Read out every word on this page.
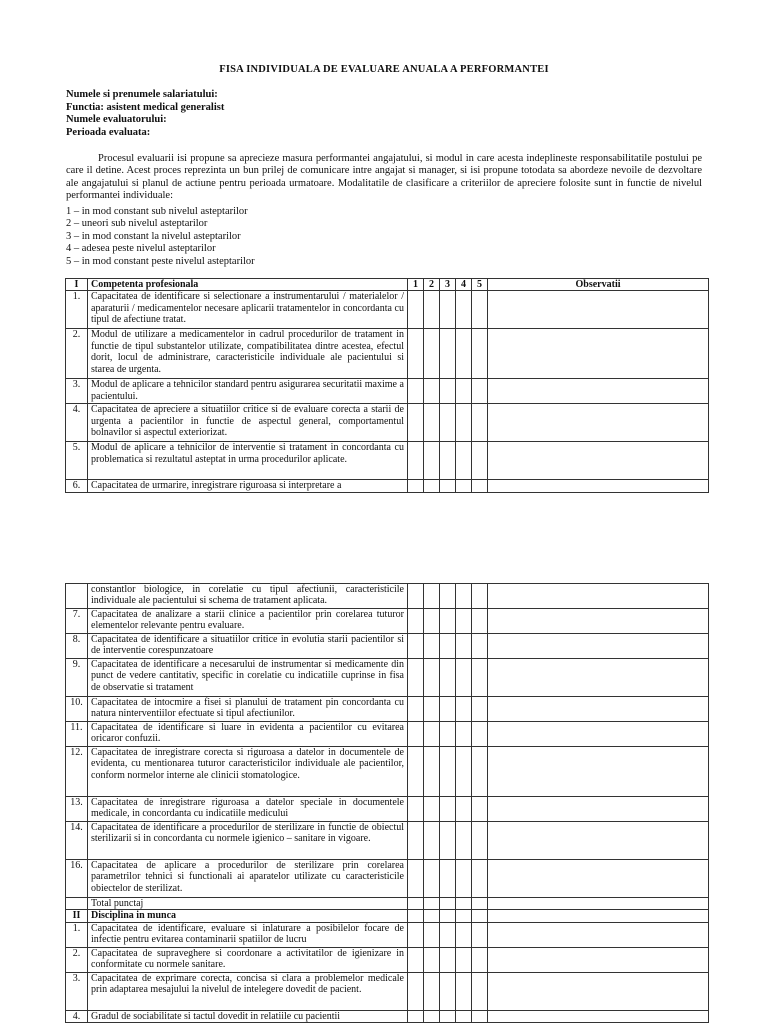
FISA INDIVIDUALA DE EVALUARE ANUALA A PERFORMANTEI
Numele si prenumele salariatului:
Functia: asistent medical generalist
Numele evaluatorului:
Perioada evaluata:
Procesul evaluarii isi propune sa aprecieze masura performantei angajatului, si modul in care acesta indeplineste responsabilitatile postului pe care il detine. Acest proces reprezinta un bun prilej de comunicare intre angajat si manager, si isi propune totodata sa abordeze nevoile de dezvoltare ale angajatului si planul de actiune pentru perioada urmatoare. Modalitatile de clasificare a criteriilor de apreciere folosite sunt in functie de nivelul performantei individuale:
1 – in mod constant sub nivelul asteptarilor
2 – uneori sub nivelul asteptarilor
3 – in mod constant la nivelul asteptarilor
4 – adesea peste nivelul asteptarilor
5 – in mod constant peste nivelul asteptarilor
I	Competenta profesionala	1	2	3	4	5	Observatii
1.	Capacitatea de identificare si selectionare a instrumentarului / materialelor / aparaturii / medicamentelor necesare aplicarii tratamentelor in concordanta cu tipul de afectiune tratat.						
2.	Modul de utilizare a medicamentelor in cadrul procedurilor de tratament in functie de tipul substantelor utilizate, compatibilitatea dintre acestea, efectul dorit, locul de administrare, caracteristicile individuale ale pacientului si starea de urgenta.						
3.	Modul de aplicare a tehnicilor standard pentru asigurarea securitatii maxime a pacientului.						
4.	Capacitatea de apreciere a situatiilor critice si de evaluare corecta a starii de urgenta a pacientilor in functie de aspectul general, comportamentul bolnavilor si aspectul exteriorizat.						
5.	Modul de aplicare a tehnicilor de interventie si tratament in concordanta cu problematica si rezultatul asteptat in urma procedurilor aplicate.						
6.	Capacitatea de urmarire, inregistrare riguroasa si interpretare a						
	constantlor biologice, in corelatie cu tipul afectiunii, caracteristicile individuale ale pacientului si schema de tratament aplicata.						
7.	Capacitatea de analizare a starii clinice a pacientilor prin corelarea tuturor elementelor relevante pentru evaluare.						
8.	Capacitatea de identificare a situatiilor critice in evolutia starii pacientilor si de interventie corespunzatoare						
9.	Capacitatea de identificare a necesarului de instrumentar si medicamente din punct de vedere cantitativ, specific in corelatie cu indicatiile cuprinse in fisa de observatie si tratament						
10.	Capacitatea de intocmire a fisei si planului de tratament pin concordanta cu natura ninterventiilor efectuate si tipul afectiunilor.						
11.	Capacitatea de identificare si luare in evidenta a pacientilor cu evitarea oricaror confuzii.						
12.	Capacitatea de inregistrare corecta si riguroasa a datelor in documentele de evidenta, cu mentionarea tuturor caracteristicilor individuale ale pacientilor, conform normelor interne ale clinicii stomatologice.						
13.	Capacitatea de inregistrare riguroasa a datelor speciale in documentele medicale, in concordanta cu indicatiile medicului						
14.	Capacitatea de identificare a procedurilor de sterilizare in functie de obiectul sterilizarii si in concordanta cu normele igienico – sanitare in vigoare.						
16.	Capacitatea de aplicare a procedurilor de sterilizare prin corelarea parametrilor tehnici si functionali ai aparatelor utilizate cu caracteristicile obiectelor de sterilizat.						
	Total punctaj						
II	Disciplina in munca						
1.	Capacitatea de identificare, evaluare si inlaturare a posibilelor focare de infectie pentru evitarea contaminarii spatiilor de lucru						
2.	Capacitatea de supraveghere si coordonare a activitatilor de igienizare in conformitate cu normele sanitare.						
3.	Capacitatea de exprimare corecta, concisa si clara a problemelor medicale prin adaptarea mesajului la nivelul de intelegere dovedit de pacient.						
4.	Gradul de sociabilitate si tactul dovedit in relatiile cu pacientii						
